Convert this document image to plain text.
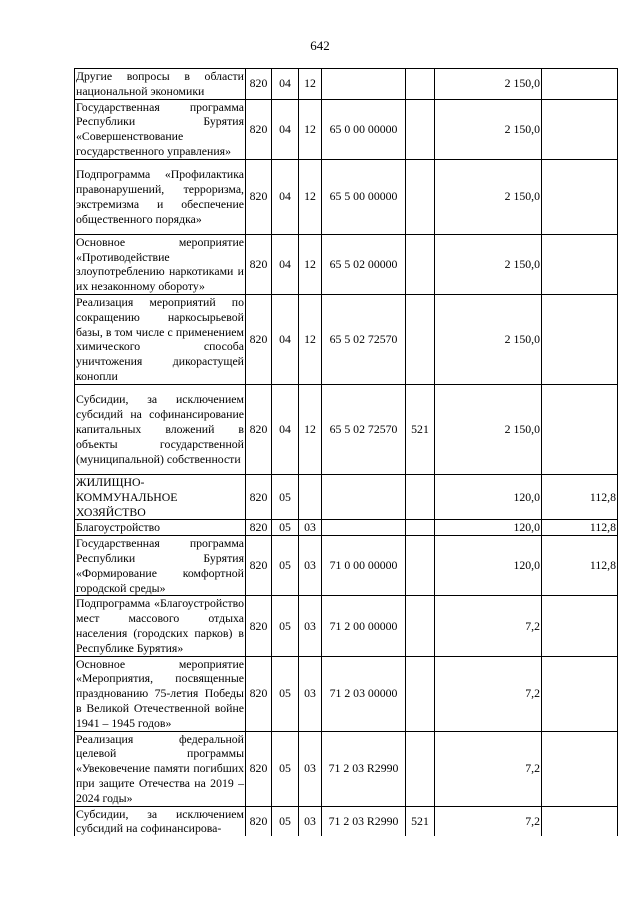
642
Другие вопросы в области национальной экономики	820	04	12			2 150,0	
Государственная программа Республики Бурятия «Совершенствование государственного управления»	820	04	12	65 0 00 00000		2 150,0	
Подпрограмма «Профилактика правонарушений, терроризма, экстремизма и обеспечение общественного порядка»	820	04	12	65 5 00 00000		2 150,0	
Основное мероприятие «Противодействие злоупотреблению наркотиками и их незаконному обороту»	820	04	12	65 5 02 00000		2 150,0	
Реализация мероприятий по сокращению наркосырьевой базы, в том числе с применением химического способа уничтожения дикорастущей конопли	820	04	12	65 5 02 72570		2 150,0	
Субсидии, за исключением субсидий на софинансирование капитальных вложений в объекты государственной (муниципальной) собственности	820	04	12	65 5 02 72570	521	2 150,0	
ЖИЛИЩНО-КОММУНАЛЬНОЕ ХОЗЯЙСТВО	820	05				120,0	112,8
Благоустройство	820	05	03			120,0	112,8
Государственная программа Республики Бурятия «Формирование комфортной городской среды»	820	05	03	71 0 00 00000		120,0	112,8
Подпрограмма «Благоустройство мест массового отдыха населения (городских парков) в Республике Бурятия»	820	05	03	71 2 00 00000		7,2	
Основное мероприятие «Мероприятия, посвященные празднованию 75-летия Победы в Великой Отечественной войне 1941 – 1945 годов»	820	05	03	71 2 03 00000		7,2	
Реализация федеральной целевой программы «Увековечение памяти погибших при защите Отечества на 2019 – 2024 годы»	820	05	03	71 2 03 R2990		7,2	
Субсидии, за исключением субсидий на софинансирова-	820	05	03	71 2 03 R2990	521	7,2	
